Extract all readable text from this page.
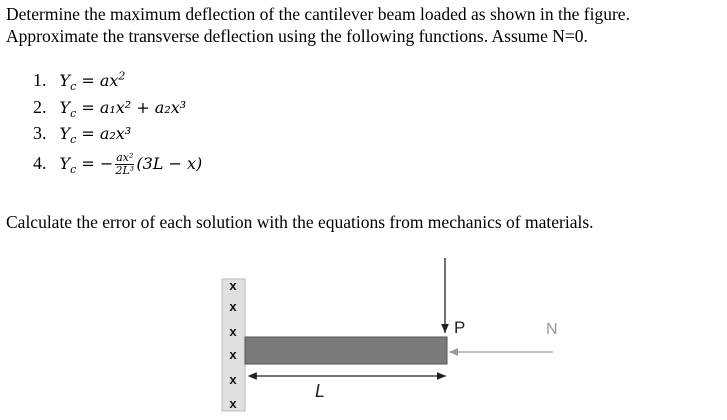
Determine the maximum deflection of the cantilever beam loaded as shown in the figure.
Approximate the transverse deflection using the following functions. Assume N=0.
1. $Y_c = ax^2$
2. $Y_c = a_1x^2 + a_2x^3$
3. $Y_c = a_2x^3$
4. $Y_c$ = − $\frac{\text{ax²}}{\text{2L³}} (3L - x)$
Calculate the error of each solution with the equations from mechanics of materials.
x
x
x
x
x
x
P	N
L
